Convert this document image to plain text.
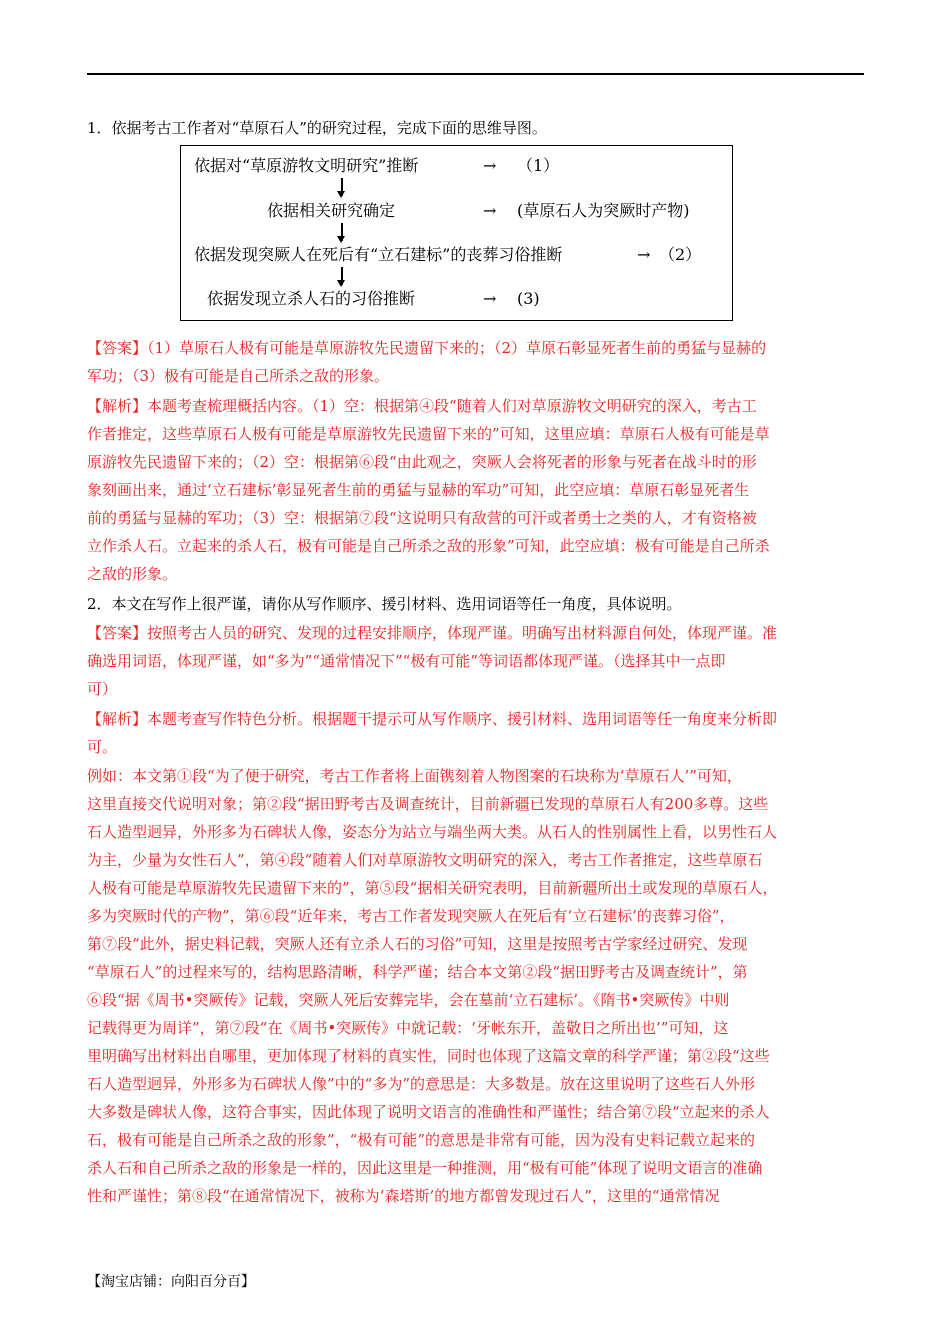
1．依据考古工作者对“草原石人”的研究过程，完成下面的思维导图。
依据对“草原游牧文明研究”推断	→ （1）
依据相关研究确定	→ (草原石人为突厥时产物)
依据发现突厥人在死后有“立石建标”的丧葬习俗推断	→ （2）
依据发现立杀人石的习俗推断	→ (3)
【答案】（1）草原石人极有可能是草原游牧先民遗留下来的；（2）草原石彰显死者生前的勇猛与显赫的
军功；（3）极有可能是自己所杀之敌的形象。
【解析】本题考查梳理概括内容。（1）空：根据第④段“随着人们对草原游牧文明研究的深入，考古工
作者推定，这些草原石人极有可能是草原游牧先民遗留下来的”可知，这里应填：草原石人极有可能是草
原游牧先民遗留下来的；（2）空：根据第⑥段“由此观之，突厥人会将死者的形象与死者在战斗时的形
象刻画出来，通过‘立石建标’彰显死者生前的勇猛与显赫的军功”可知，此空应填：草原石彰显死者生
前的勇猛与显赫的军功；（3）空：根据第⑦段“这说明只有敌营的可汗或者勇士之类的人，才有资格被
立作杀人石。立起来的杀人石，极有可能是自己所杀之敌的形象”可知，此空应填：极有可能是自己所杀
之敌的形象。
2．本文在写作上很严谨，请你从写作顺序、援引材料、选用词语等任一角度，具体说明。
【答案】按照考古人员的研究、发现的过程安排顺序，体现严谨。明确写出材料源自何处，体现严谨。准
确选用词语，体现严谨，如“多为”“通常情况下”“极有可能”等词语都体现严谨。（选择其中一点即
可）
【解析】本题考查写作特色分析。根据题干提示可从写作顺序、援引材料、选用词语等任一角度来分析即
可。
例如：本文第①段“为了便于研究，考古工作者将上面镌刻着人物图案的石块称为‘草原石人’”可知，
这里直接交代说明对象；第②段“据田野考古及调查统计，目前新疆已发现的草原石人有200多尊。这些
石人造型迥异，外形多为石碑状人像，姿态分为站立与端坐两大类。从石人的性别属性上看，以男性石人
为主，少量为女性石人”，第④段“随着人们对草原游牧文明研究的深入，考古工作者推定，这些草原石
人极有可能是草原游牧先民遗留下来的”，第⑤段“据相关研究表明，目前新疆所出土或发现的草原石人，
多为突厥时代的产物”，第⑥段“近年来，考古工作者发现突厥人在死后有‘立石建标’的丧葬习俗”，
第⑦段“此外，据史料记载，突厥人还有立杀人石的习俗”可知，这里是按照考古学家经过研究、发现
“草原石人”的过程来写的，结构思路清晰，科学严谨；结合本文第②段“据田野考古及调查统计”，第
⑥段“据《周书•突厥传》记载，突厥人死后安葬完毕，会在墓前‘立石建标’。《隋书•突厥传》中则
记载得更为周详”，第⑦段“在《周书•突厥传》中就记载：‘牙帐东开，盖敬日之所出也’”可知，这
里明确写出材料出自哪里，更加体现了材料的真实性，同时也体现了这篇文章的科学严谨；第②段“这些
石人造型迥异，外形多为石碑状人像”中的“多为”的意思是：大多数是。放在这里说明了这些石人外形
大多数是碑状人像，这符合事实，因此体现了说明文语言的准确性和严谨性；结合第⑦段“立起来的杀人
石，极有可能是自己所杀之敌的形象”，“极有可能”的意思是非常有可能，因为没有史料记载立起来的
杀人石和自己所杀之敌的形象是一样的，因此这里是一种推测，用“极有可能”体现了说明文语言的准确
性和严谨性；第⑧段“在通常情况下，被称为‘森塔斯’的地方都曾发现过石人”，这里的“通常情况
【淘宝店铺：向阳百分百】
